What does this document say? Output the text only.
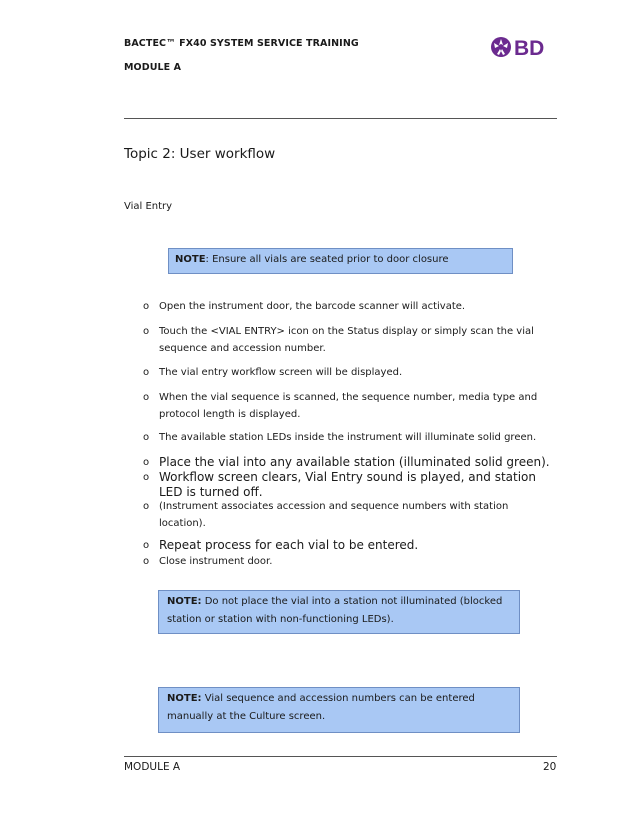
BACTEC™ FX40 SYSTEM SERVICE TRAINING
MODULE A
BD
Topic 2: User workflow
Vial Entry
NOTE: Ensure all vials are seated prior to door closure
o Open the instrument door, the barcode scanner will activate.
o Touch the <VIAL ENTRY> icon on the Status display or simply scan the vial sequence and accession number.
o The vial entry workflow screen will be displayed.
o When the vial sequence is scanned, the sequence number, media type and protocol length is displayed.
o The available station LEDs inside the instrument will illuminate solid green.
o Place the vial into any available station (illuminated solid green).
o Workflow screen clears, Vial Entry sound is played, and station LED is turned off.
o (Instrument associates accession and sequence numbers with station location).
o Repeat process for each vial to be entered.
o Close instrument door.
NOTE: Do not place the vial into a station not illuminated (blocked station or station with non-functioning LEDs).
NOTE: Vial sequence and accession numbers can be entered manually at the Culture screen.
MODULE A	20
